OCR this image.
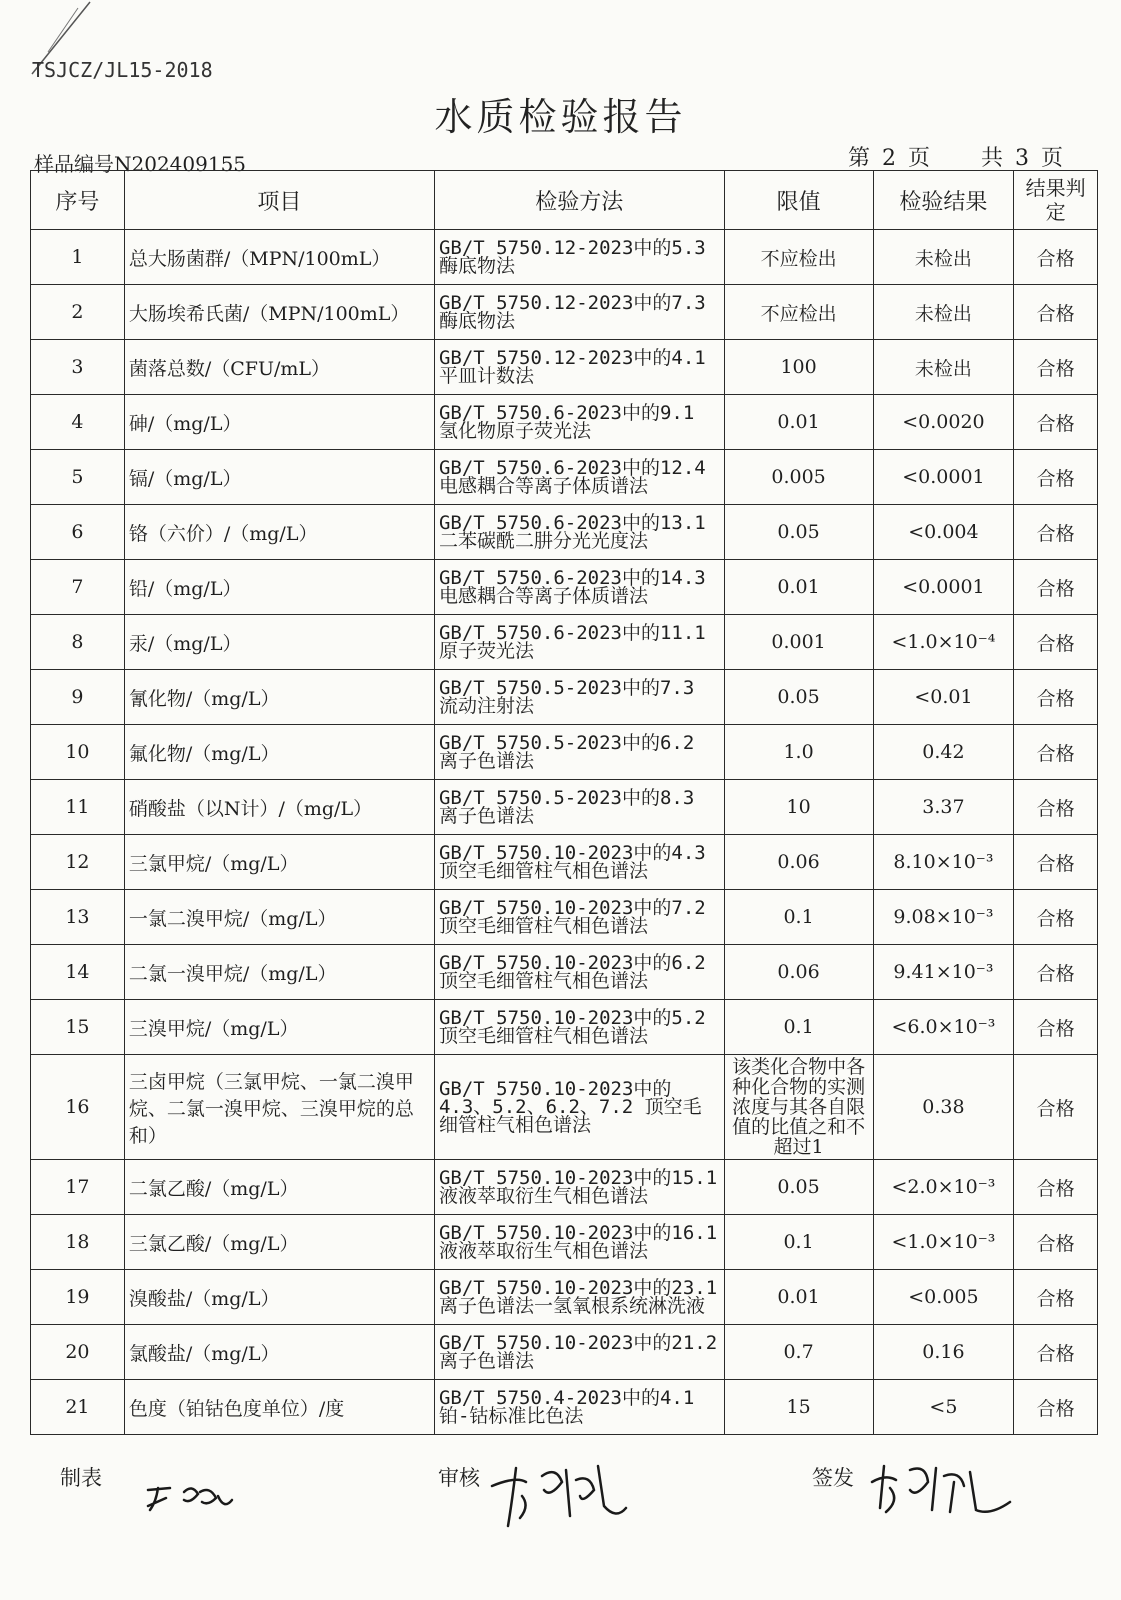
TSJCZ/JL15-2018
水质检验报告
样品编号N202409155	第 2 页 共 3 页
序号	项目	检验方法	限值	检验结果	结果判定
1	总大肠菌群/（MPN/100mL）	GB/T 5750.12-2023中的5.3 酶底物法	不应检出	未检出	合格
2	大肠埃希氏菌/（MPN/100mL）	GB/T 5750.12-2023中的7.3 酶底物法	不应检出	未检出	合格
3	菌落总数/（CFU/mL）	GB/T 5750.12-2023中的4.1 平皿计数法	100	未检出	合格
4	砷/（mg/L）	GB/T 5750.6-2023中的9.1 氢化物原子荧光法	0.01	<0.0020	合格
5	镉/（mg/L）	GB/T 5750.6-2023中的12.4 电感耦合等离子体质谱法	0.005	<0.0001	合格
6	铬（六价）/（mg/L）	GB/T 5750.6-2023中的13.1 二苯碳酰二肼分光光度法	0.05	<0.004	合格
7	铅/（mg/L）	GB/T 5750.6-2023中的14.3 电感耦合等离子体质谱法	0.01	<0.0001	合格
8	汞/（mg/L）	GB/T 5750.6-2023中的11.1 原子荧光法	0.001	<1.0×10⁻⁴	合格
9	氰化物/（mg/L）	GB/T 5750.5-2023中的7.3 流动注射法	0.05	<0.01	合格
10	氟化物/（mg/L）	GB/T 5750.5-2023中的6.2 离子色谱法	1.0	0.42	合格
11	硝酸盐（以N计）/（mg/L）	GB/T 5750.5-2023中的8.3 离子色谱法	10	3.37	合格
12	三氯甲烷/（mg/L）	GB/T 5750.10-2023中的4.3 顶空毛细管柱气相色谱法	0.06	8.10×10⁻³	合格
13	一氯二溴甲烷/（mg/L）	GB/T 5750.10-2023中的7.2 顶空毛细管柱气相色谱法	0.1	9.08×10⁻³	合格
14	二氯一溴甲烷/（mg/L）	GB/T 5750.10-2023中的6.2 顶空毛细管柱气相色谱法	0.06	9.41×10⁻³	合格
15	三溴甲烷/（mg/L）	GB/T 5750.10-2023中的5.2 顶空毛细管柱气相色谱法	0.1	<6.0×10⁻³	合格
16	三卤甲烷（三氯甲烷、一氯二溴甲烷、二氯一溴甲烷、三溴甲烷的总和）	GB/T 5750.10-2023中的4.3、5.2、6.2、7.2 顶空毛细管柱气相色谱法	该类化合物中各种化合物的实测浓度与其各自限值的比值之和不超过1	0.38	合格
17	二氯乙酸/（mg/L）	GB/T 5750.10-2023中的15.1 液液萃取衍生气相色谱法	0.05	<2.0×10⁻³	合格
18	三氯乙酸/（mg/L）	GB/T 5750.10-2023中的16.1 液液萃取衍生气相色谱法	0.1	<1.0×10⁻³	合格
19	溴酸盐/（mg/L）	GB/T 5750.10-2023中的23.1 离子色谱法一氢氧根系统淋洗液	0.01	<0.005	合格
20	氯酸盐/（mg/L）	GB/T 5750.10-2023中的21.2 离子色谱法	0.7	0.16	合格
21	色度（铂钴色度单位）/度	GB/T 5750.4-2023中的4.1 铂-钴标准比色法	15	<5	合格
制表	审核	签发
